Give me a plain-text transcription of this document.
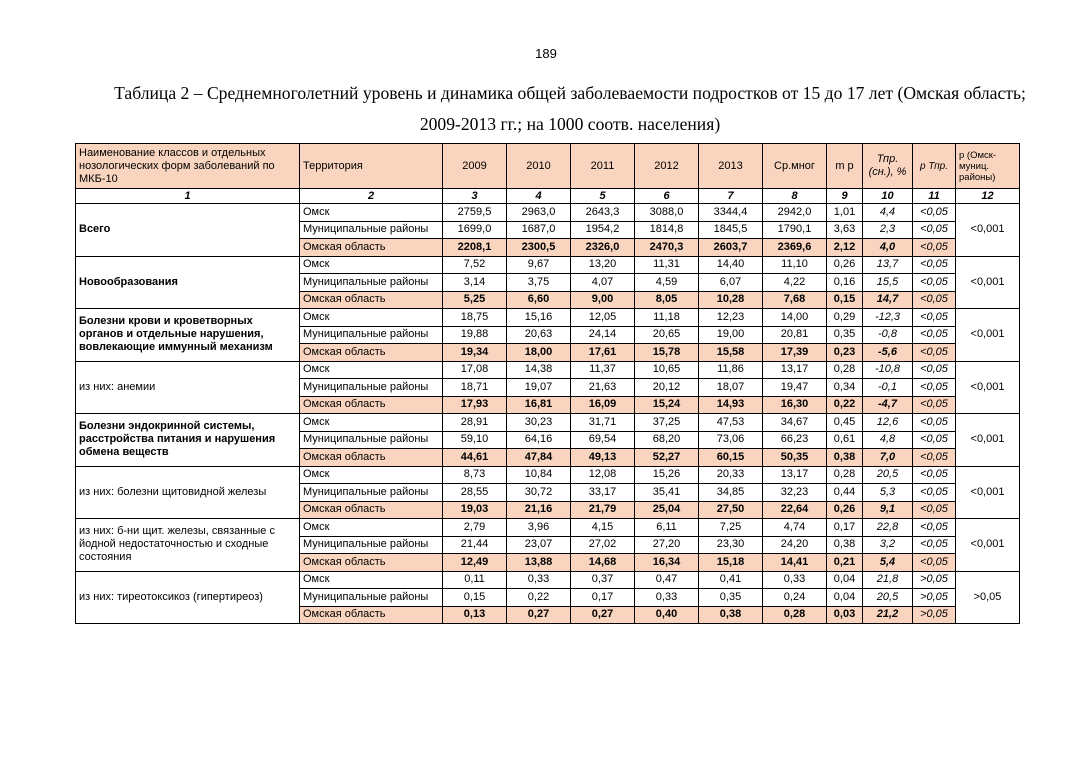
189
Таблица 2 – Среднемноголетний уровень и динамика общей заболеваемости подростков от 15 до 17 лет (Омская область; 2009-2013 гг.; на 1000 соотв. населения)
Наименование классов и отдельных нозологических форм заболеваний по МКБ-10	Территория	2009	2010	2011	2012	2013	Ср.мног	m р	Тпр. (сн.), %	р Тпр.	р (Омск-муниц. районы)
1	2	3	4	5	6	7	8	9	10	11	12
Всего	Омск	2759,5	2963,0	2643,3	3088,0	3344,4	2942,0	1,01	4,4	<0,05	<0,001
	Муниципальные районы	1699,0	1687,0	1954,2	1814,8	1845,5	1790,1	3,63	2,3	<0,05	
	Омская область	2208,1	2300,5	2326,0	2470,3	2603,7	2369,6	2,12	4,0	<0,05	
Новообразования	Омск	7,52	9,67	13,20	11,31	14,40	11,10	0,26	13,7	<0,05	<0,001
	Муниципальные районы	3,14	3,75	4,07	4,59	6,07	4,22	0,16	15,5	<0,05	
	Омская область	5,25	6,60	9,00	8,05	10,28	7,68	0,15	14,7	<0,05	
Болезни крови и кроветворных органов и отдельные нарушения, вовлекающие иммунный механизм	Омск	18,75	15,16	12,05	11,18	12,23	14,00	0,29	-12,3	<0,05	<0,001
	Муниципальные районы	19,88	20,63	24,14	20,65	19,00	20,81	0,35	-0,8	<0,05	
	Омская область	19,34	18,00	17,61	15,78	15,58	17,39	0,23	-5,6	<0,05	
из них: анемии	Омск	17,08	14,38	11,37	10,65	11,86	13,17	0,28	-10,8	<0,05	<0,001
	Муниципальные районы	18,71	19,07	21,63	20,12	18,07	19,47	0,34	-0,1	<0,05	
	Омская область	17,93	16,81	16,09	15,24	14,93	16,30	0,22	-4,7	<0,05	
Болезни эндокринной системы, расстройства питания и нарушения обмена веществ	Омск	28,91	30,23	31,71	37,25	47,53	34,67	0,45	12,6	<0,05	<0,001
	Муниципальные районы	59,10	64,16	69,54	68,20	73,06	66,23	0,61	4,8	<0,05	
	Омская область	44,61	47,84	49,13	52,27	60,15	50,35	0,38	7,0	<0,05	
из них: болезни щитовидной железы	Омск	8,73	10,84	12,08	15,26	20,33	13,17	0,28	20,5	<0,05	<0,001
	Муниципальные районы	28,55	30,72	33,17	35,41	34,85	32,23	0,44	5,3	<0,05	
	Омская область	19,03	21,16	21,79	25,04	27,50	22,64	0,26	9,1	<0,05	
из них: б-ни щит. железы, связанные с йодной недостаточностью и сходные состояния	Омск	2,79	3,96	4,15	6,11	7,25	4,74	0,17	22,8	<0,05	<0,001
	Муниципальные районы	21,44	23,07	27,02	27,20	23,30	24,20	0,38	3,2	<0,05	
	Омская область	12,49	13,88	14,68	16,34	15,18	14,41	0,21	5,4	<0,05	
из них: тиреотоксикоз (гипертиреоз)	Омск	0,11	0,33	0,37	0,47	0,41	0,33	0,04	21,8	>0,05	>0,05
	Муниципальные районы	0,15	0,22	0,17	0,33	0,35	0,24	0,04	20,5	>0,05	
	Омская область	0,13	0,27	0,27	0,40	0,38	0,28	0,03	21,2	>0,05	
